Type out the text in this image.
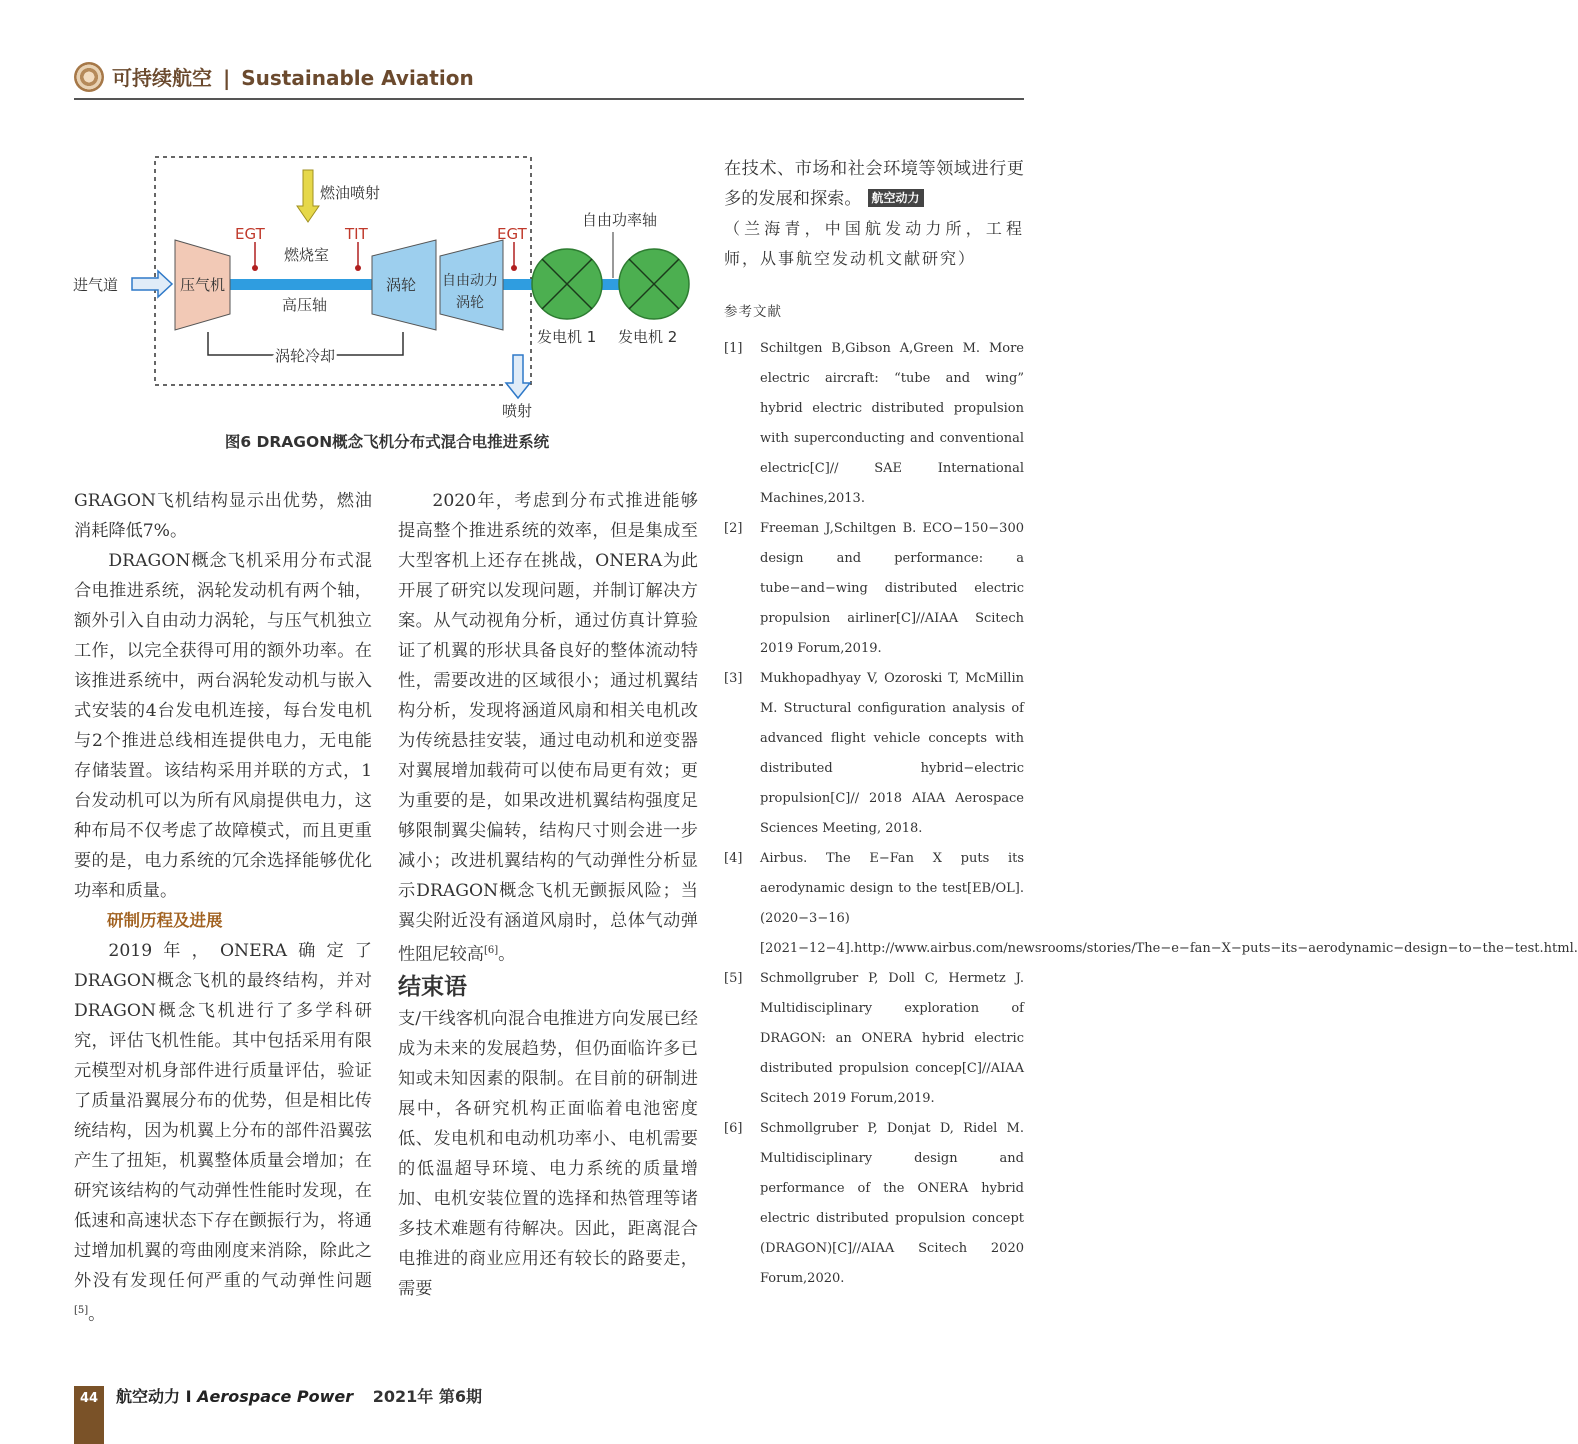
可持续航空 | Sustainable Aviation
燃油喷射
涡轮冷却
进气道	压气机	涡轮 自由动力
涡轮
EGT	TIT	EGT
燃烧室
高压轴
自由功率轴
发电机 1 发电机 2
喷射
图6 DRAGON概念飞机分布式混合电推进系统

GRAGON飞机结构显示出优势，燃油消耗降低7%。

DRAGON概念飞机采用分布式混合电推进系统，涡轮发动机有两个轴，额外引入自由动力涡轮，与压气机独立工作，以完全获得可用的额外功率。在该推进系统中，两台涡轮发动机与嵌入式安装的4台发电机连接，每台发电机与2个推进总线相连提供电力，无电能存储装置。该结构采用并联的方式，1台发动机可以为所有风扇提供电力，这种布局不仅考虑了故障模式，而且更重要的是，电力系统的冗余选择能够优化功率和质量。

研制历程及进展

2019年，ONERA确定了DRAGON概念飞机的最终结构，并对DRAGON概念飞机进行了多学科研究，评估飞机性能。其中包括采用有限元模型对机身部件进行质量评估，验证了质量沿翼展分布的优势，但是相比传统结构，因为机翼上分布的部件沿翼弦产生了扭矩，机翼整体质量会增加；在研究该结构的气动弹性性能时发现，在低速和高速状态下存在颤振行为，将通过增加机翼的弯曲刚度来消除，除此之外没有发现任何严重的气动弹性问题[5]。

2020年，考虑到分布式推进能够提高整个推进系统的效率，但是集成至大型客机上还存在挑战，ONERA为此开展了研究以发现问题，并制订解决方案。从气动视角分析，通过仿真计算验证了机翼的形状具备良好的整体流动特性，需要改进的区域很小；通过机翼结构分析，发现将涵道风扇和相关电机改为传统悬挂安装，通过电动机和逆变器对翼展增加载荷可以使布局更有效；更为重要的是，如果改进机翼结构强度足够限制翼尖偏转，结构尺寸则会进一步减小；改进机翼结构的气动弹性分析显示DRAGON概念飞机无颤振风险；当翼尖附近没有涵道风扇时，总体气动弹性阻尼较高[6]。

结束语

支/干线客机向混合电推进方向发展已经成为未来的发展趋势，但仍面临许多已知或未知因素的限制。在目前的研制进展中，各研究机构正面临着电池密度低、发电机和电动机功率小、电机需要的低温超导环境、电力系统的质量增加、电机安装位置的选择和热管理等诸多技术难题有待解决。因此，距离混合电推进的商业应用还有较长的路要走，需要

在技术、市场和社会环境等领域进行更多的发展和探索。 航空动力

（兰海青，中国航发动力所，工程师，从事航空发动机文献研究）

参考文献
[1] Schiltgen B,Gibson A,Green M. More electric aircraft: “tube and wing” hybrid electric distributed propulsion with superconducting and conventional electric[C]// SAE International Machines,2013.
[2] Freeman J,Schiltgen B. ECO−150−300 design and performance: a tube−and−wing distributed electric propulsion airliner[C]//AIAA Scitech 2019 Forum,2019.
[3] Mukhopadhyay V, Ozoroski T, McMillin M. Structural configuration analysis of advanced flight vehicle concepts with distributed hybrid−electric propulsion[C]// 2018 AIAA Aerospace Sciences Meeting, 2018.
[4] Airbus. The E−Fan X puts its aerodynamic design to the test[EB/OL]. (2020−3−16)[2021−12−4].http://www.airbus.com/newsrooms/stories/The−e−fan−X−puts−its−aerodynamic−design−to−the−test.html.
[5] Schmollgruber P, Doll C, Hermetz J. Multidisciplinary exploration of DRAGON: an ONERA hybrid electric distributed propulsion concep[C]//AIAA Scitech 2019 Forum,2019.
[6] Schmollgruber P, Donjat D, Ridel M. Multidisciplinary design and performance of the ONERA hybrid electric distributed propulsion concept (DRAGON)[C]//AIAA Scitech 2020 Forum,2020.
44	航空动力 I Aerospace Power 2021年 第6期
